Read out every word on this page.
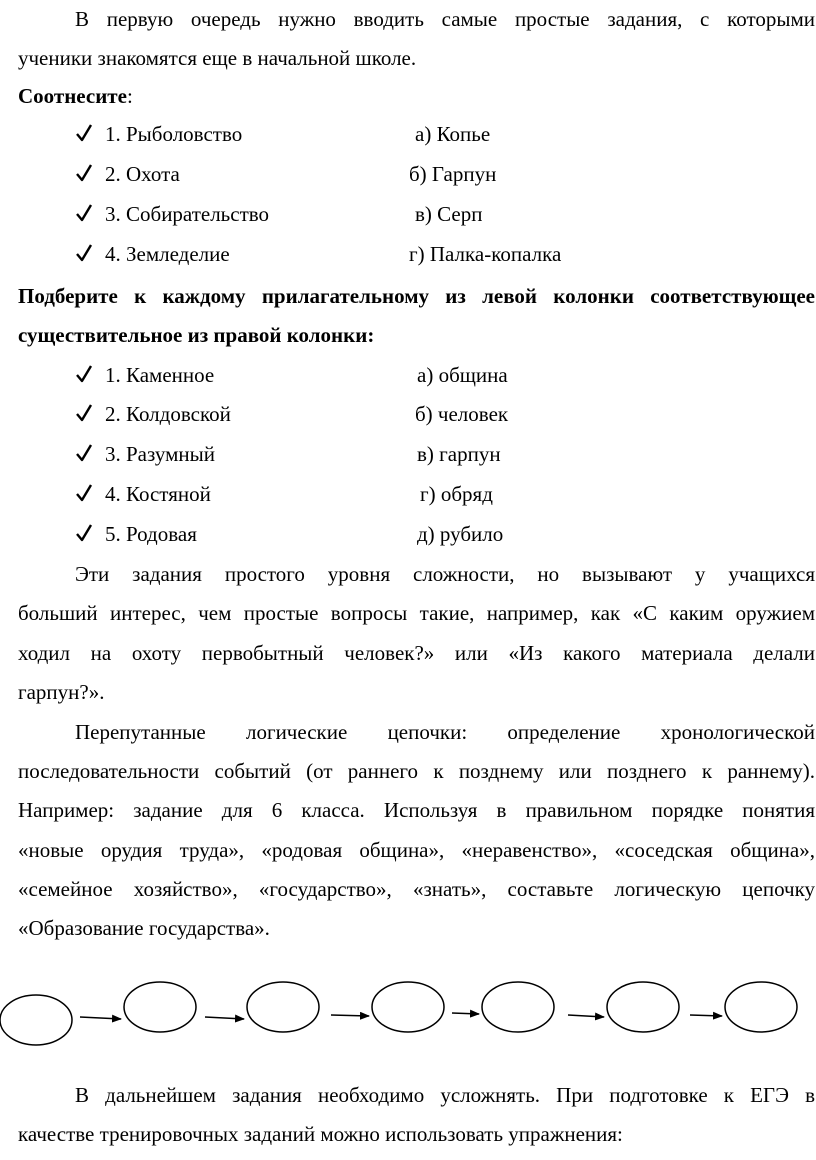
В первую очередь нужно вводить самые простые задания, с которыми
ученики знакомятся еще в начальной школе.
Соотнесите:
1. Рыболовство	а) Копье
2. Охота	б) Гарпун
3. Собирательство	в) Серп
4. Земледелие	г) Палка-копалка
Подберите к каждому прилагательному из левой колонки соответствующее
существительное из правой колонки:
1. Каменное	а) община
2. Колдовской	б) человек
3. Разумный	в) гарпун
4. Костяной	г) обряд
5. Родовая	д) рубило
Эти задания простого уровня сложности, но вызывают у учащихся
больший интерес, чем простые вопросы такие, например, как «С каким оружием
ходил на охоту первобытный человек?» или «Из какого материала делали
гарпун?».
Перепутанные логические цепочки: определение хронологической
последовательности событий (от раннего к позднему или позднего к раннему).
Например: задание для 6 класса. Используя в правильном порядке понятия
«новые орудия труда», «родовая община», «неравенство», «соседская община»,
«семейное хозяйство», «государство», «знать», составьте логическую цепочку
«Образование государства».
В дальнейшем задания необходимо усложнять. При подготовке к ЕГЭ в
качестве тренировочных заданий можно использовать упражнения:
